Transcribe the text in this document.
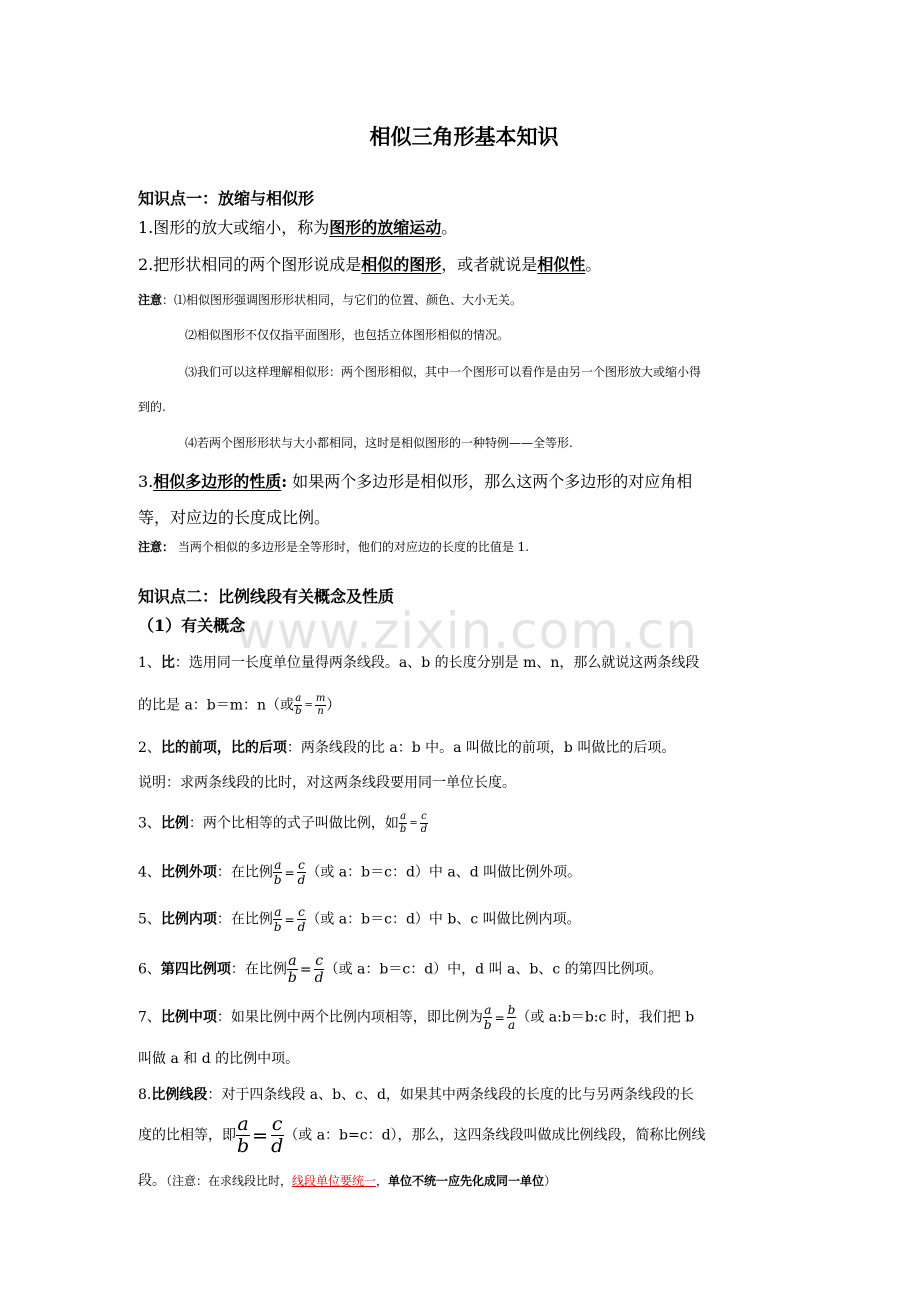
www.zixin.com.cn
相似三角形基本知识
知识点一：放缩与相似形
1.图形的放大或缩小，称为图形的放缩运动。
2.把形状相同的两个图形说成是相似的图形，或者就说是相似性。
注意：⑴相似图形强调图形形状相同，与它们的位置、颜色、大小无关。
⑵相似图形不仅仅指平面图形，也包括立体图形相似的情况。
⑶我们可以这样理解相似形：两个图形相似，其中一个图形可以看作是由另一个图形放大或缩小得
到的.
⑷若两个图形形状与大小都相同，这时是相似图形的一种特例——全等形.
3.相似多边形的性质: 如果两个多边形是相似形，那么这两个多边形的对应角相
等，对应边的长度成比例。
注意： 当两个相似的多边形是全等形时，他们的对应边的长度的比值是 1.
知识点二：比例线段有关概念及性质
（1）有关概念
1、比：选用同一长度单位量得两条线段。a、b 的长度分别是 m、n，那么就说这两条线段
的比是 a：b＝m：n（或 $\frac{a}{b} = \frac{m}{n}$ ）
2、比的前项，比的后项：两条线段的比 a：b 中。a 叫做比的前项，b 叫做比的后项。
说明：求两条线段的比时，对这两条线段要用同一单位长度。
3、比例：两个比相等的式子叫做比例，如 $\frac{a}{b} = \frac{c}{d}$
4、比例外项：在比例 $\frac{a}{b} = \frac{c}{d}$ （或 a：b＝c：d）中 a、d 叫做比例外项。
5、比例内项：在比例 $\frac{a}{b} = \frac{c}{d}$ （或 a：b＝c：d）中 b、c 叫做比例内项。
6、第四比例项：在比例 $\frac{a}{b} = \frac{c}{d}$ （或 a：b＝c：d）中，d 叫 a、b、c 的第四比例项。
7、比例中项：如果比例中两个比例内项相等，即比例为 $\frac{a}{b} = \frac{b}{a}$ （或 a:b＝b:c 时，我们把 b
叫做 a 和 d 的比例中项。
8.比例线段：对于四条线段 a、b、c、d，如果其中两条线段的长度的比与另两条线段的长
度的比相等，即 $\frac{a}{b} = \frac{c}{d}$ （或 a：b=c：d），那么，这四条线段叫做成比例线段，简称比例线
段。（注意：在求线段比时，线段单位要统一，单位不统一应先化成同一单位）
